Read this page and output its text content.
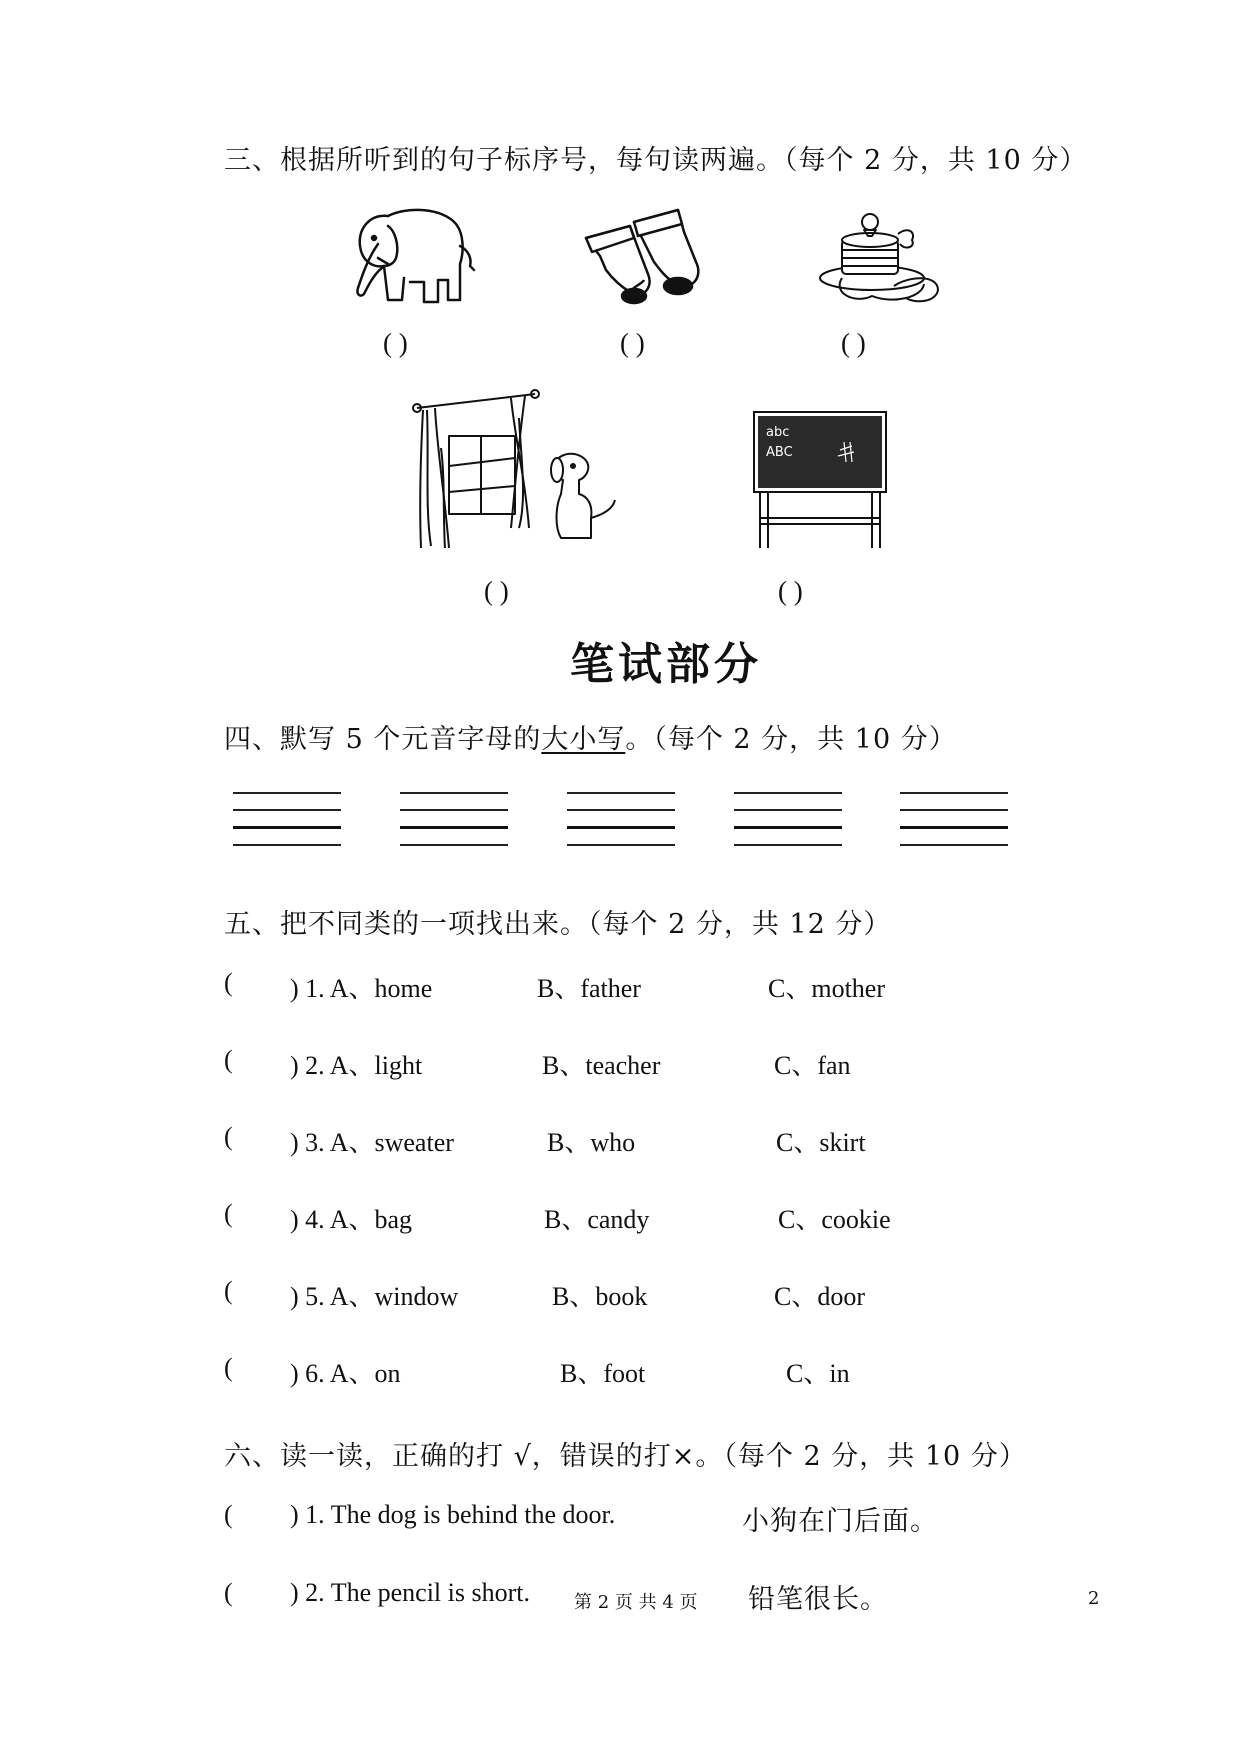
三、根据所听到的句子标序号，每句读两遍。（每个 2 分，共 10 分）
( )	( )	( )
abc
ABC
( )	( )
笔试部分
四、默写 5 个元音字母的大小写。（每个 2 分，共 10 分）
五、把不同类的一项找出来。（每个 2 分，共 12 分）
( ) 1. A、home	B、father	C、mother
( ) 2. A、light	B、teacher	C、fan
( ) 3. A、sweater	B、who	C、skirt
( ) 4. A、bag	B、candy	C、cookie
( ) 5. A、window	B、book	C、door
( ) 6. A、on	B、foot	C、in
六、读一读，正确的打 √，错误的打×。（每个 2 分，共 10 分）
( ) 1. The dog is behind the door.	小狗在门后面。
( ) 2. The pencil is short.	铅笔很长。
第 2 页 共 4 页	2
